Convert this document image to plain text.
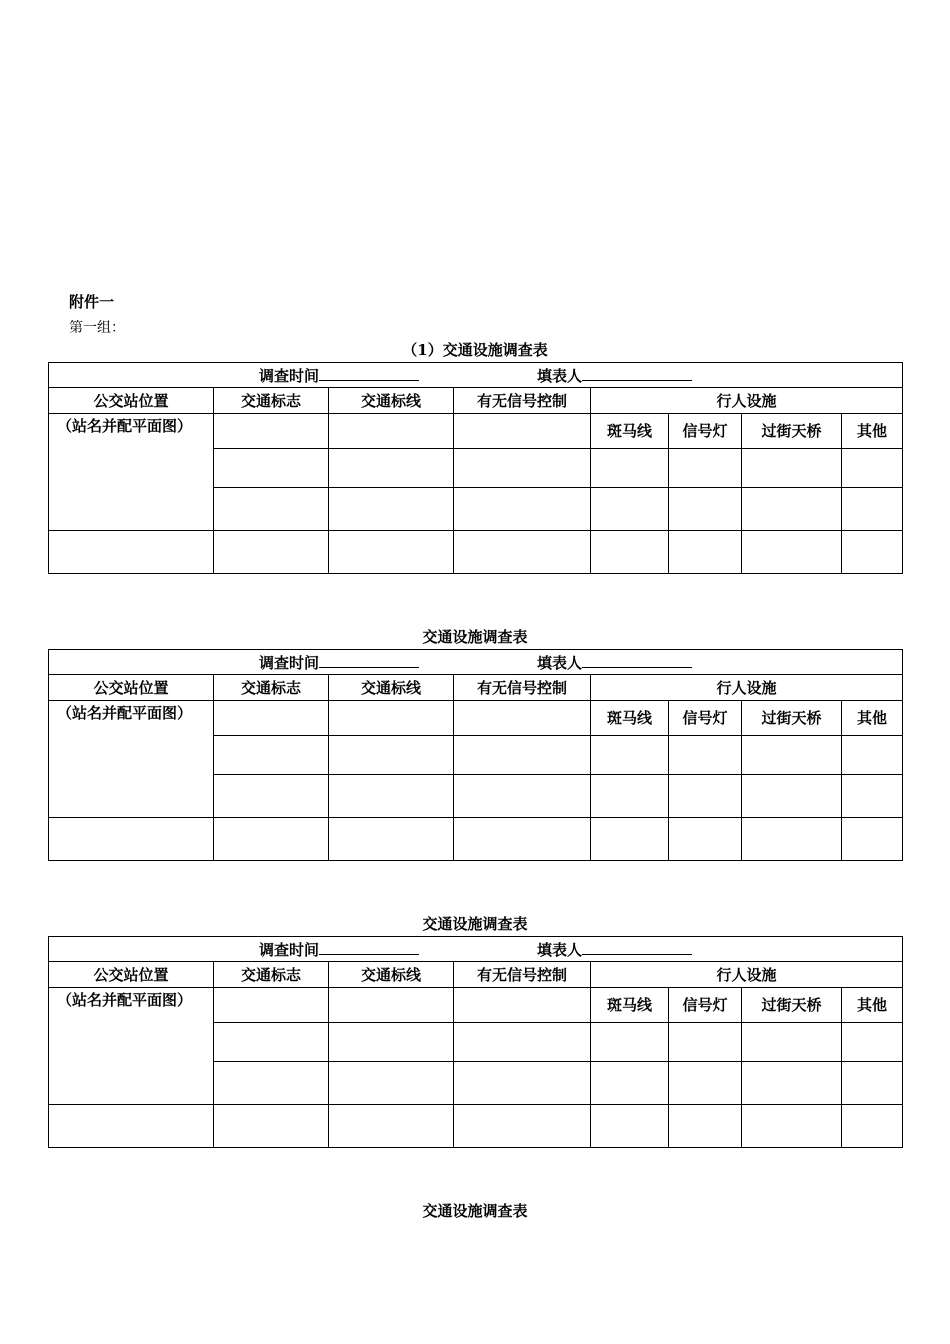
附件一
第一组：
（1）交通设施调查表
调查时间 填表人							
公交站位置	交通标志	交通标线	有无信号控制	行人设施			
（站名并配平面图）				斑马线	信号灯	过街天桥	其他

交通设施调查表
调查时间 填表人							
公交站位置	交通标志	交通标线	有无信号控制	行人设施			
（站名并配平面图）				斑马线	信号灯	过街天桥	其他

交通设施调查表
调查时间 填表人							
公交站位置	交通标志	交通标线	有无信号控制	行人设施			
（站名并配平面图）				斑马线	信号灯	过街天桥	其他

交通设施调查表
